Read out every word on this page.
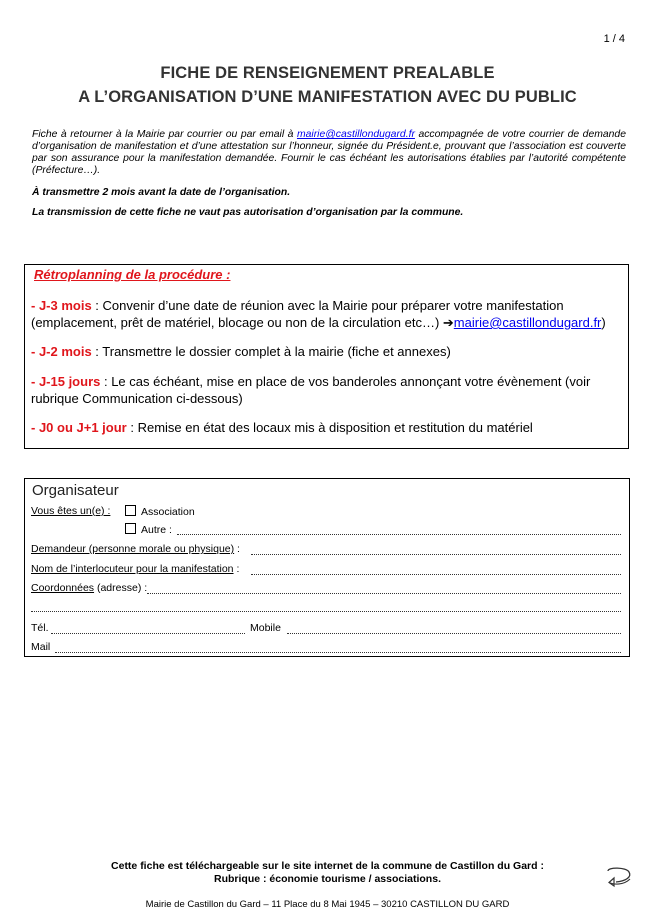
1 / 4
FICHE DE RENSEIGNEMENT PREALABLE
A L’ORGANISATION D’UNE MANIFESTATION AVEC DU PUBLIC
Fiche à retourner à la Mairie par courrier ou par email à mairie@castillondugard.fr accompagnée de votre courrier de demande d’organisation de manifestation et d’une attestation sur l’honneur, signée du Président.e, prouvant que l’association est couverte par son assurance pour la manifestation demandée. Fournir le cas échéant les autorisations établies par l’autorité compétente (Préfecture…).
À transmettre 2 mois avant la date de l’organisation.
La transmission de cette fiche ne vaut pas autorisation d’organisation par la commune.
Rétroplanning de la procédure :
- J-3 mois : Convenir d’une date de réunion avec la Mairie pour préparer votre manifestation (emplacement, prêt de matériel, blocage ou non de la circulation etc…) ➔mairie@castillondugard.fr)
- J-2 mois : Transmettre le dossier complet à la mairie (fiche et annexes)
- J-15 jours : Le cas échéant, mise en place de vos banderoles annonçant votre évènement (voir rubrique Communication ci-dessous)
- J0 ou J+1 jour : Remise en état des locaux mis à disposition et restitution du matériel
Organisateur
Vous êtes un(e) :	Association
Autre :
Demandeur (personne morale ou physique) :
Nom de l’interlocuteur pour la manifestation :
Coordonnées (adresse) :
Tél.	Mobile
Mail
Cette fiche est téléchargeable sur le site internet de la commune de Castillon du Gard :
Rubrique : économie tourisme / associations.
Mairie de Castillon du Gard – 11 Place du 8 Mai 1945 – 30210 CASTILLON DU GARD
